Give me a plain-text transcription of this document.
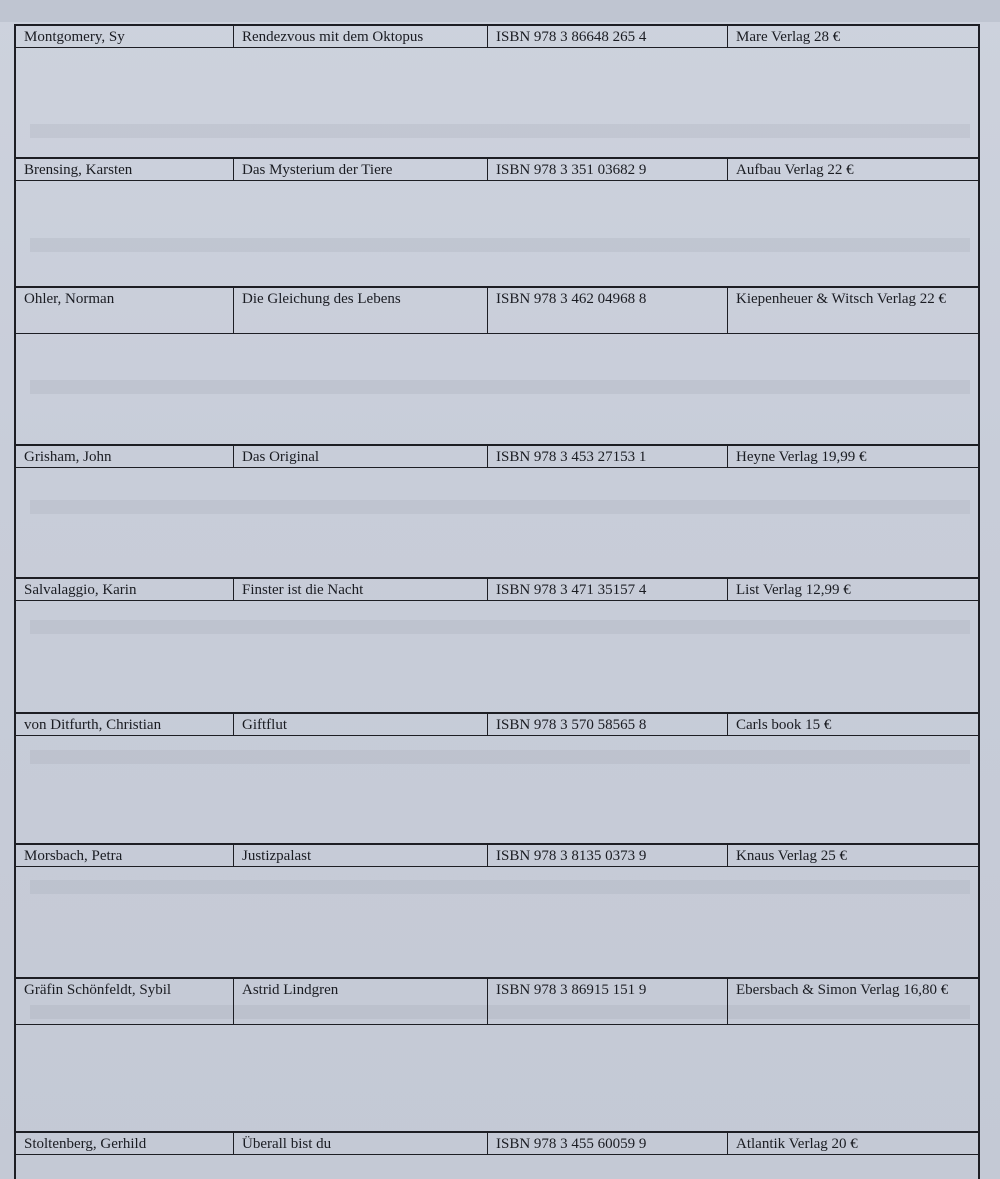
Montgomery, Sy	Rendezvous mit dem Oktopus	ISBN 978 3 86648 265 4	Mare Verlag 28 €
Brensing, Karsten	Das Mysterium der Tiere	ISBN 978 3 351 03682 9	Aufbau Verlag 22 €
Ohler, Norman	Die Gleichung des Lebens	ISBN 978 3 462 04968 8	Kiepenheuer & Witsch Verlag 22 €
Grisham, John	Das Original	ISBN 978 3 453 27153 1	Heyne Verlag 19,99 €
Salvalaggio, Karin	Finster ist die Nacht	ISBN 978 3 471 35157 4	List Verlag 12,99 €
von Ditfurth, Christian	Giftflut	ISBN 978 3 570 58565 8	Carls book 15 €
Morsbach, Petra	Justizpalast	ISBN 978 3 8135 0373 9	Knaus Verlag 25 €
Gräfin Schönfeldt, Sybil	Astrid Lindgren	ISBN 978 3 86915 151 9	Ebersbach & Simon Verlag 16,80 €
Stoltenberg, Gerhild	Überall bist du	ISBN 978 3 455 60059 9	Atlantik Verlag 20 €
